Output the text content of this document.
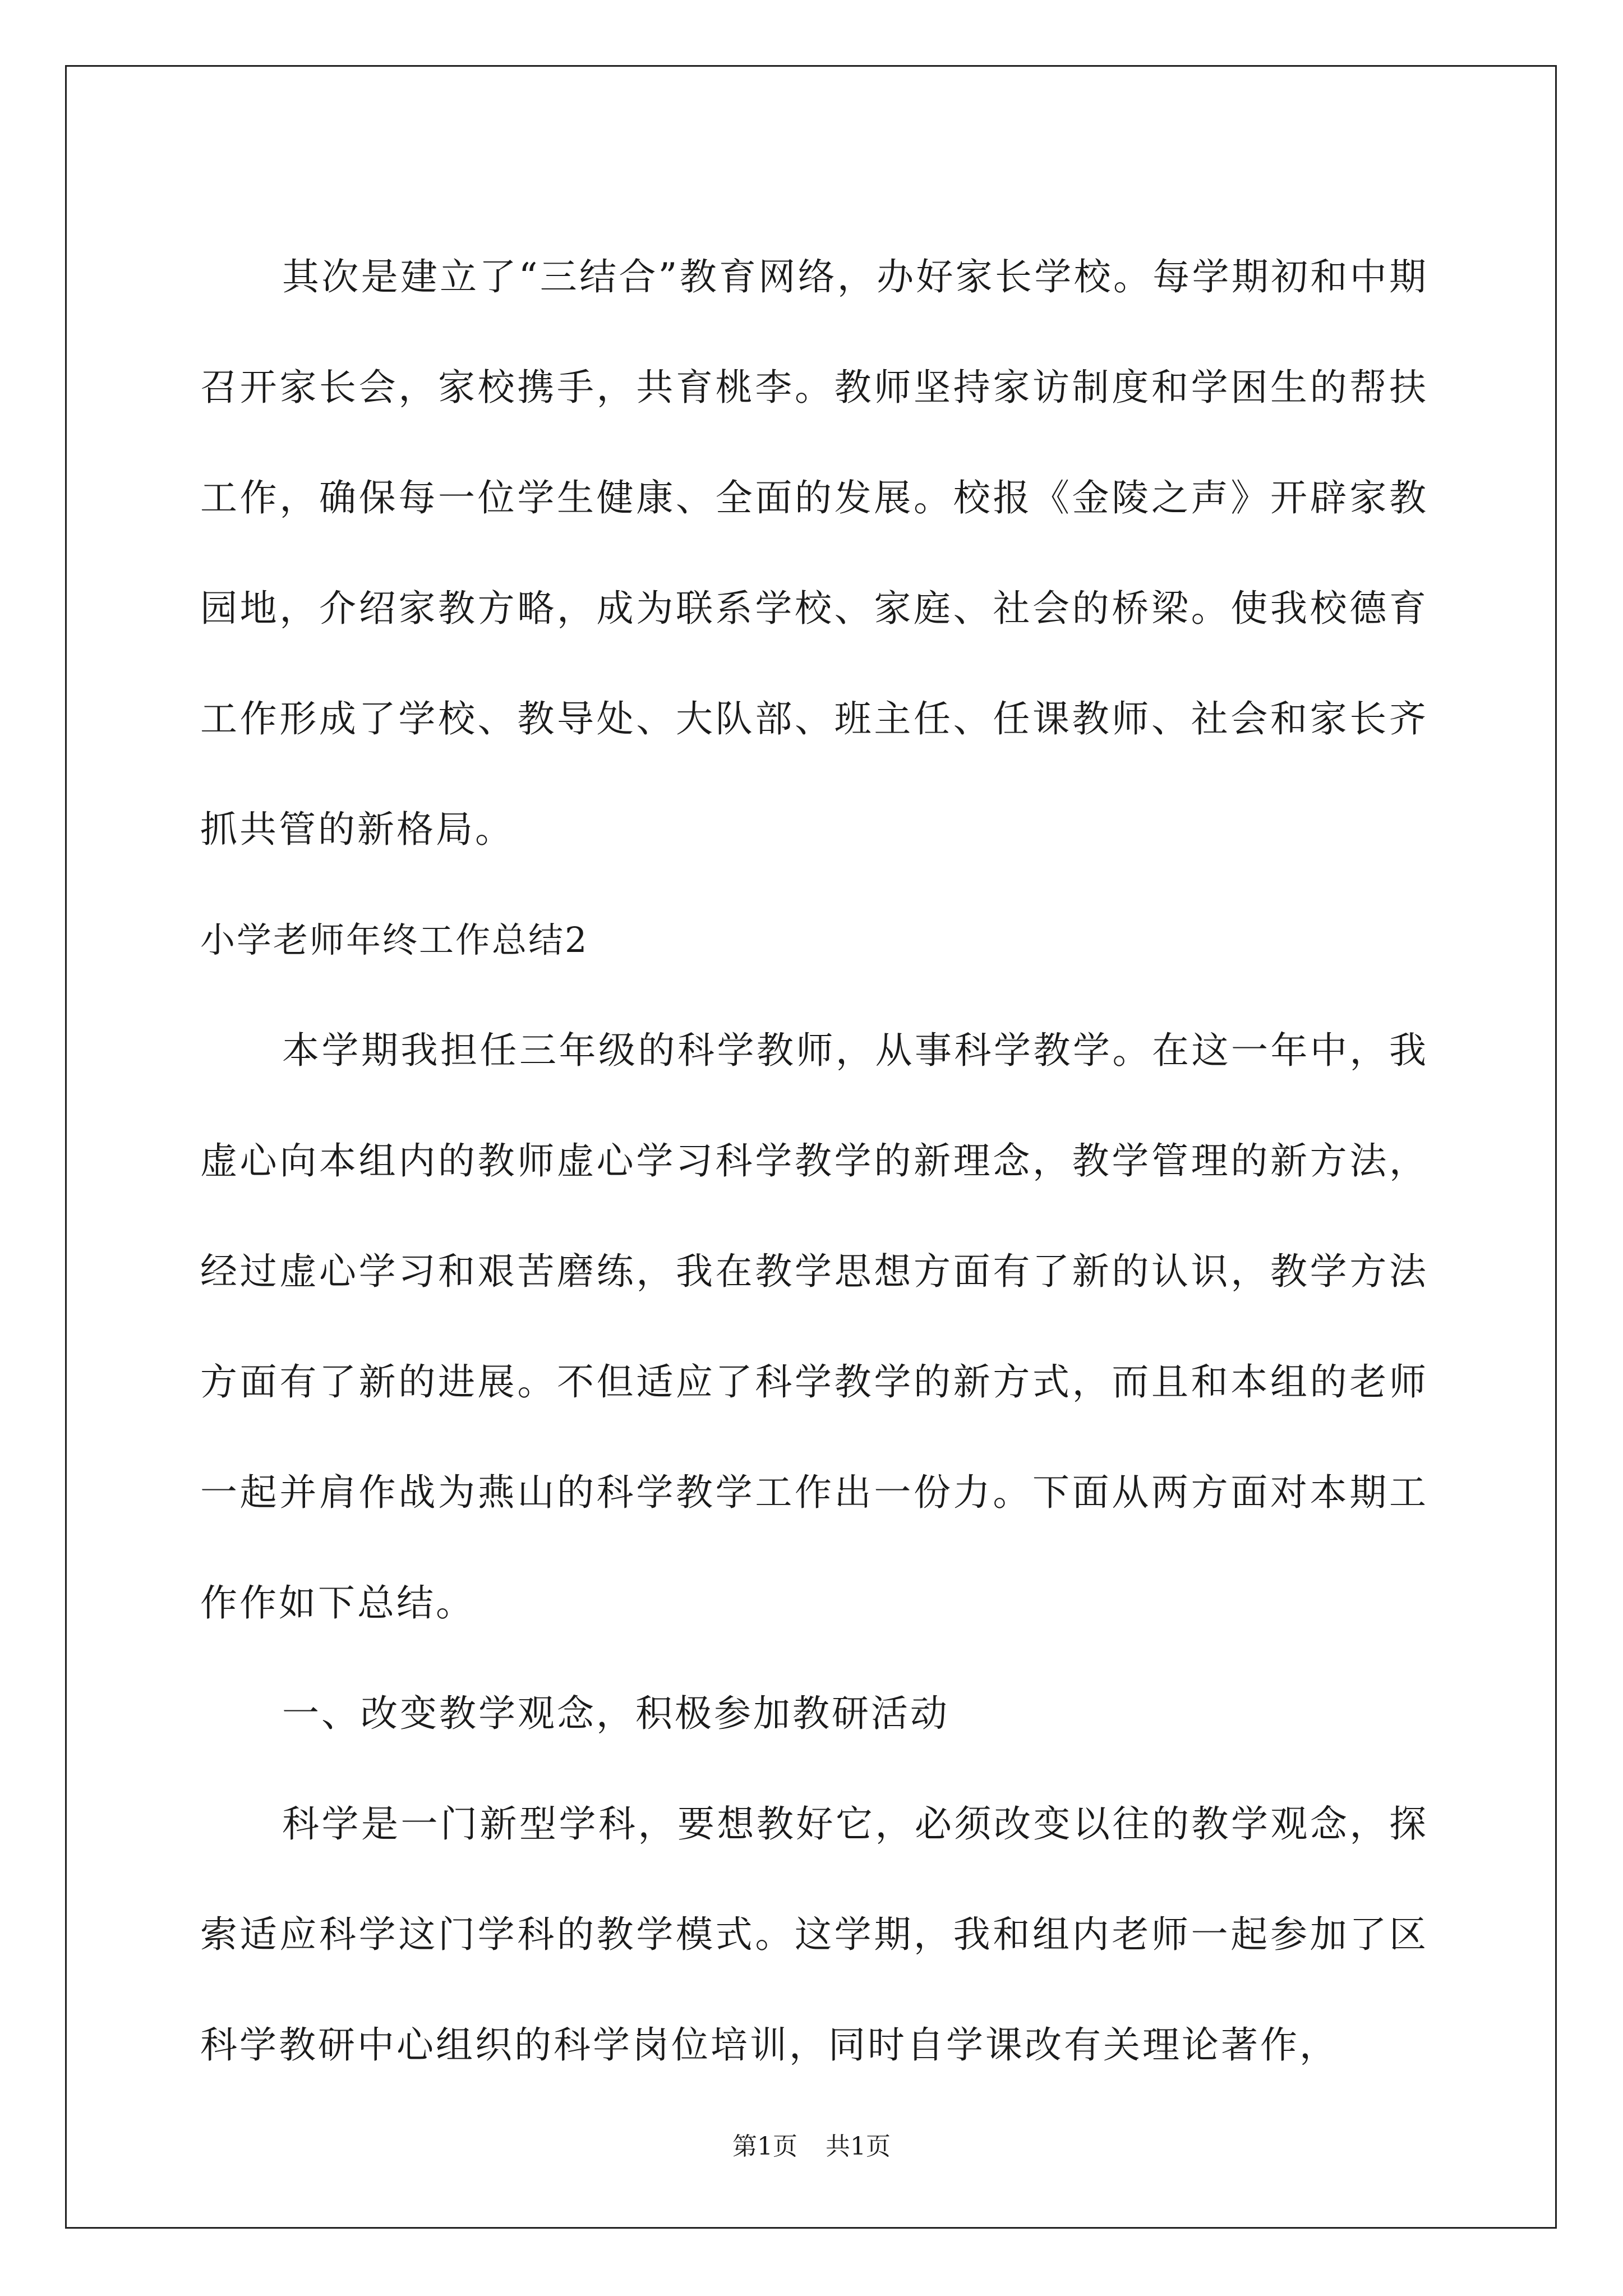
其次是建立了“三结合”教育网络，办好家长学校。每学期初和中期召开家长会，家校携手，共育桃李。教师坚持家访制度和学困生的帮扶工作，确保每一位学生健康、全面的发展。校报《金陵之声》开辟家教园地，介绍家教方略，成为联系学校、家庭、社会的桥梁。使我校德育工作形成了学校、教导处、大队部、班主任、任课教师、社会和家长齐抓共管的新格局。

小学老师年终工作总结2

本学期我担任三年级的科学教师，从事科学教学。在这一年中，我虚心向本组内的教师虚心学习科学教学的新理念，教学管理的新方法，经过虚心学习和艰苦磨练，我在教学思想方面有了新的认识，教学方法方面有了新的进展。不但适应了科学教学的新方式，而且和本组的老师一起并肩作战为燕山的科学教学工作出一份力。下面从两方面对本期工作作如下总结。

一、改变教学观念，积极参加教研活动

科学是一门新型学科，要想教好它，必须改变以往的教学观念，探索适应科学这门学科的教学模式。这学期，我和组内老师一起参加了区科学教研中心组织的科学岗位培训，同时自学课改有关理论著作，

第1页 共1页
